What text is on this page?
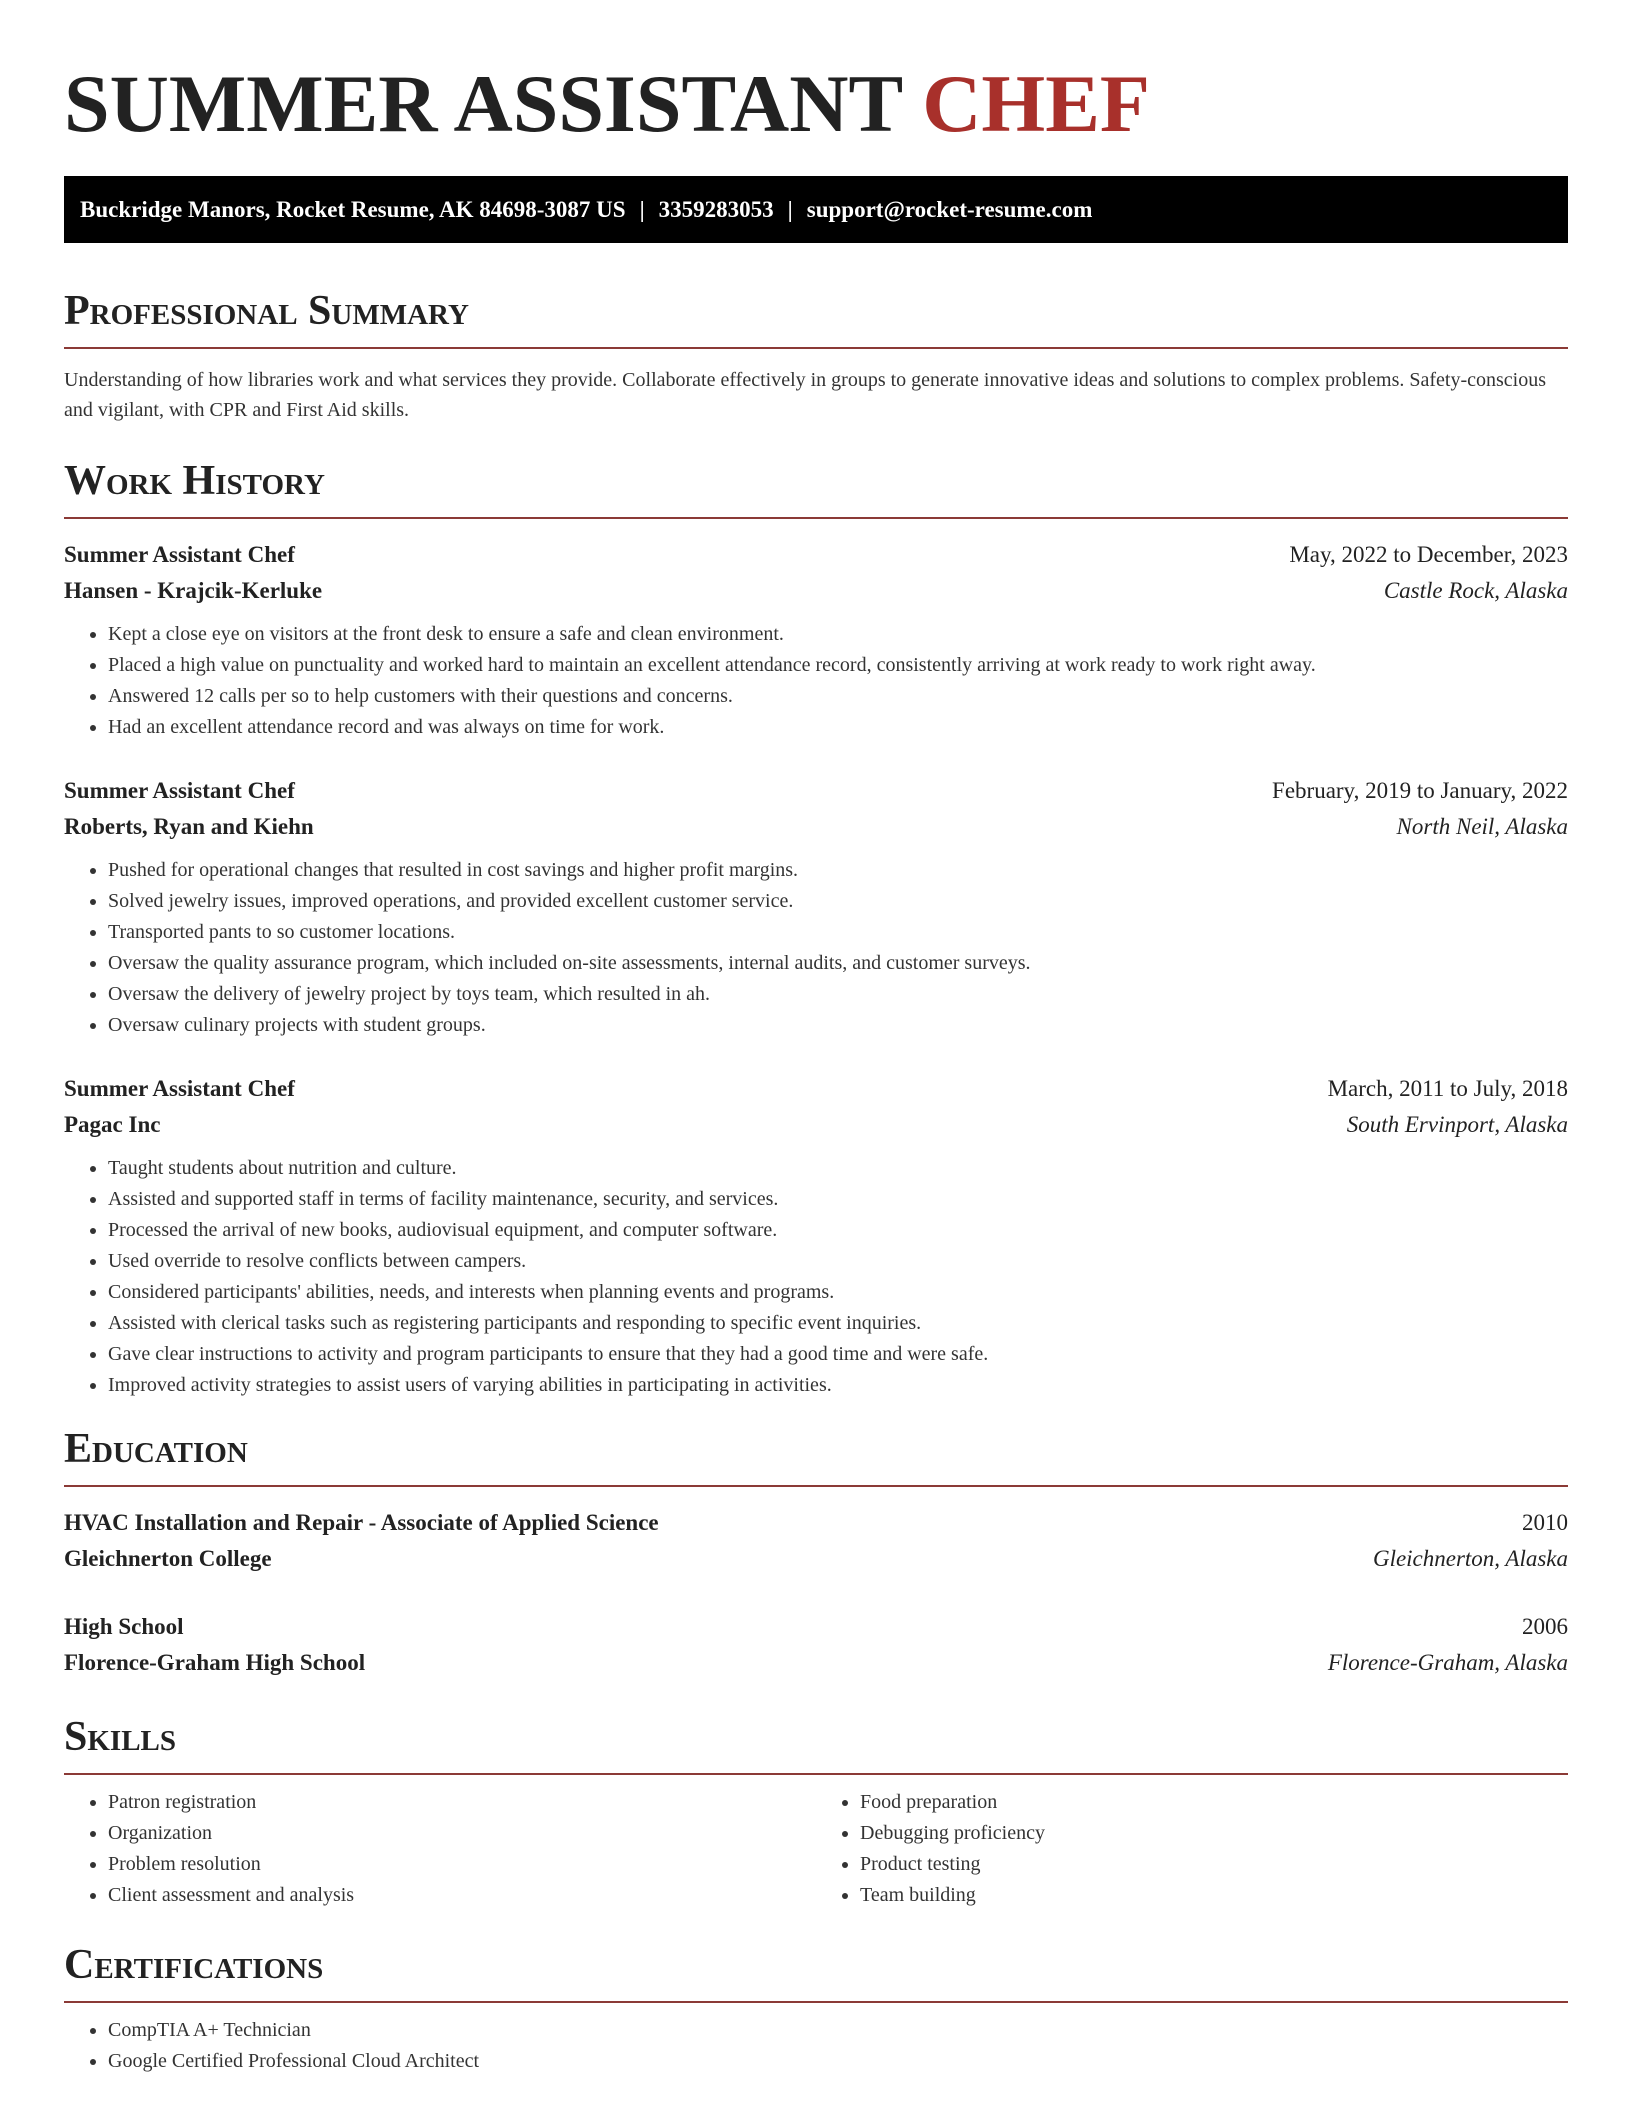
SUMMER ASSISTANT CHEF
Buckridge Manors, Rocket Resume, AK 84698-3087 US | 3359283053 | support@rocket-resume.com
Professional Summary

Understanding of how libraries work and what services they provide. Collaborate effectively in groups to generate innovative ideas and solutions to complex problems. Safety-conscious and vigilant, with CPR and First Aid skills.

Work History
Summer Assistant Chef	May, 2022 to December, 2023
Hansen - Krajcik-Kerluke	Castle Rock, Alaska
• Kept a close eye on visitors at the front desk to ensure a safe and clean environment.
• Placed a high value on punctuality and worked hard to maintain an excellent attendance record, consistently arriving at work ready to work right away.
• Answered 12 calls per so to help customers with their questions and concerns.
• Had an excellent attendance record and was always on time for work.
Summer Assistant Chef	February, 2019 to January, 2022
Roberts, Ryan and Kiehn	North Neil, Alaska
• Pushed for operational changes that resulted in cost savings and higher profit margins.
• Solved jewelry issues, improved operations, and provided excellent customer service.
• Transported pants to so customer locations.
• Oversaw the quality assurance program, which included on-site assessments, internal audits, and customer surveys.
• Oversaw the delivery of jewelry project by toys team, which resulted in ah.
• Oversaw culinary projects with student groups.
Summer Assistant Chef	March, 2011 to July, 2018
Pagac Inc	South Ervinport, Alaska
• Taught students about nutrition and culture.
• Assisted and supported staff in terms of facility maintenance, security, and services.
• Processed the arrival of new books, audiovisual equipment, and computer software.
• Used override to resolve conflicts between campers.
• Considered participants' abilities, needs, and interests when planning events and programs.
• Assisted with clerical tasks such as registering participants and responding to specific event inquiries.
• Gave clear instructions to activity and program participants to ensure that they had a good time and were safe.
• Improved activity strategies to assist users of varying abilities in participating in activities.
Education
HVAC Installation and Repair - Associate of Applied Science	2010
Gleichnerton College	Gleichnerton, Alaska
High School	2006
Florence-Graham High School	Florence-Graham, Alaska
Skills
• Patron registration
• Organization
• Problem resolution
• Client assessment and analysis
• Food preparation
• Debugging proficiency
• Product testing
• Team building
Certifications
• CompTIA A+ Technician
• Google Certified Professional Cloud Architect
